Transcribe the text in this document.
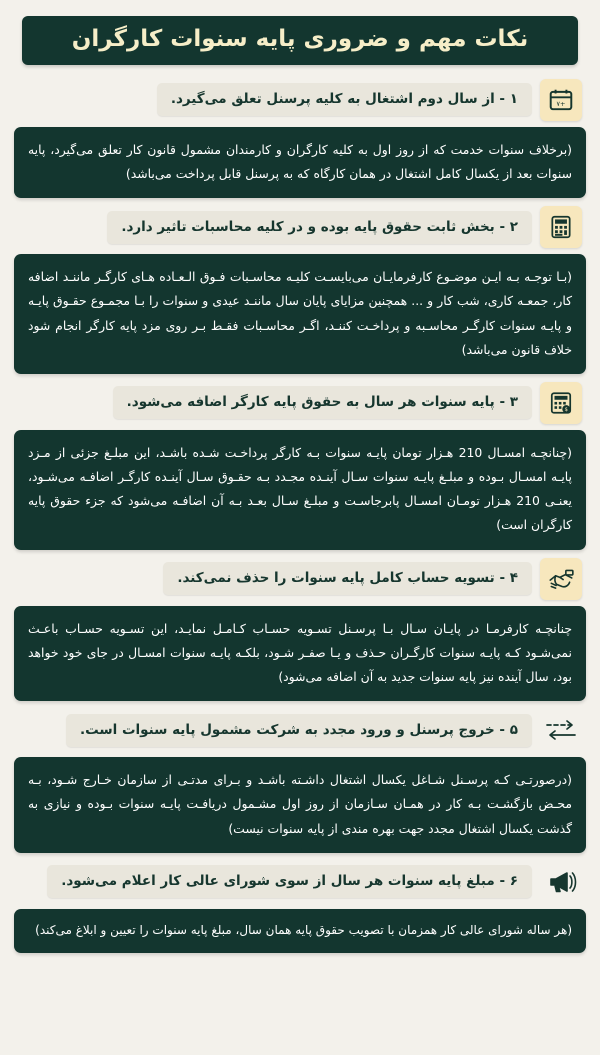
نکات مهم و ضروری پایه سنوات کارگران
+۷
۱ - از سال دوم اشتغال به کلیه پرسنل تعلق می‌گیرد.
(برخلاف سنوات خدمت که از روز اول به کلیه کارگران و کارمندان مشمول قانون کار تعلق می‌گیرد، پایه سنوات بعد از یکسال کامل اشتغال در همان کارگاه که به پرسنل قابل پرداخت می‌باشد)
۲ - بخش ثابت حقوق پایه بوده و در کلیه محاسبات تاثیر دارد.
(بـا توجـه بـه ایـن موضـوع کارفرمایـان می‌بایسـت کلیـه محاسـبات فـوق الـعـاده هـای کارگـر ماننـد اضافه کار، جمعـه کاری، شب کار و ... همچنین مزایای پایان سال ماننـد عیدی و سنوات را بـا مجمـوع حقـوق پایـه و پایـه سنوات کارگـر محاسـبه و پرداخـت کننـد، اگـر محاسـبات فقـط بـر روی مزد پایه کارگر انجام شود خلاف قانون می‌باشد)
$
۳ - پایه سنوات هر سال به حقوق پایه کارگر اضافه می‌شود.
(چنانچـه امسـال 210 هـزار تومان پایـه سنوات بـه کارگر پرداخـت شـده باشـد، این مبلـغ جزئی از مـزد پایـه امسـال بـوده و مبلـغ پایـه سنوات سـال آینـده مجـدد بـه حقـوق سـال آینـده کارگـر اضافـه می‌شـود، یعنـی 210 هـزار تومـان امسـال پابرجاسـت و مبلـغ سـال بعـد بـه آن اضافـه می‌شود که جزء حقوق پایه کارگران است)
۴ - تسویه حساب کامل پایه سنوات را حذف نمی‌کند.
چنانچـه کارفرمـا در پایـان سـال بـا پرسـنل تسـویه حسـاب کـامـل نمایـد، این تسـویه حسـاب باعـث نمی‌شـود کـه پایـه سنوات کارگـران حـذف و یـا صفـر شـود، بلکـه پایـه سنوات امسـال در جای خود خواهد بود، سال آینده نیز پایه سنوات جدید به آن اضافه می‌شود)
۵ - خروج پرسنل و ورود مجدد به شرکت مشمول پایه سنوات است.
(درصورتـی کـه پرسـنل شـاغل یکسال اشتغال داشـته باشـد و بـرای مدتـی از سازمان خـارج شـود، بـه محـض بازگشـت بـه کار در همـان سـازمان از روز اول مشـمول دریافـت پایـه سنوات بـوده و نیازی به گذشت یکسال اشتغال مجدد جهت بهره مندی از پایه سنوات نیست)
۶ - مبلغ پایه سنوات هر سال از سوی شورای عالی کار اعلام می‌شود.
(هر ساله شورای عالی کار همزمان با تصویب حقوق پایه همان سال، مبلغ پایه سنوات را تعیین و ابلاغ می‌کند)
